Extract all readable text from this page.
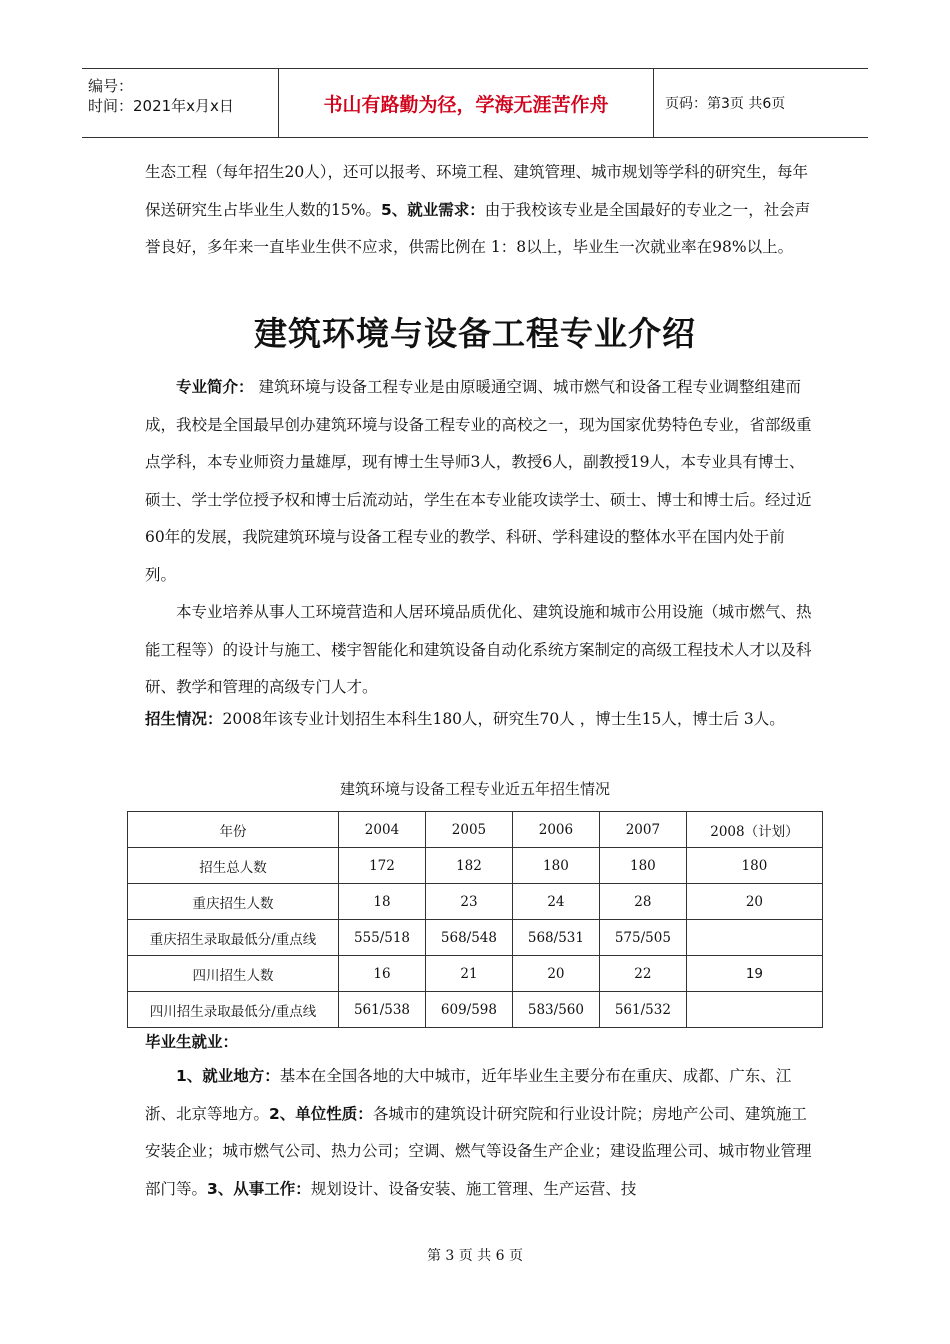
编号：
时间：2021年x月x日	书山有路勤为径，学海无涯苦作舟	页码：第3页 共6页

生态工程（每年招生20人），还可以报考、环境工程、建筑管理、城市规划等学科的研究生，每年保送研究生占毕业生人数的15%。5、就业需求：由于我校该专业是全国最好的专业之一，社会声誉良好，多年来一直毕业生供不应求，供需比例在 1：8以上，毕业生一次就业率在98%以上。

建筑环境与设备工程专业介绍

专业简介： 建筑环境与设备工程专业是由原暖通空调、城市燃气和设备工程专业调整组建而成，我校是全国最早创办建筑环境与设备工程专业的高校之一，现为国家优势特色专业，省部级重点学科，本专业师资力量雄厚，现有博士生导师3人，教授6人，副教授19人，本专业具有博士、硕士、学士学位授予权和博士后流动站，学生在本专业能攻读学士、硕士、博士和博士后。经过近60年的发展，我院建筑环境与设备工程专业的教学、科研、学科建设的整体水平在国内处于前列。

本专业培养从事人工环境营造和人居环境品质优化、建筑设施和城市公用设施（城市燃气、热能工程等）的设计与施工、楼宇智能化和建筑设备自动化系统方案制定的高级工程技术人才以及科研、教学和管理的高级专门人才。

招生情况：2008年该专业计划招生本科生180人，研究生70人 ，博士生15人，博士后 3人。

建筑环境与设备工程专业近五年招生情况
年份	2004	2005	2006	2007	2008（计划）
招生总人数	172	182	180	180	180
重庆招生人数	18	23	24	28	20
重庆招生录取最低分/重点线	555/518	568/548	568/531	575/505	
四川招生人数	16	21	20	22	19
四川招生录取最低分/重点线	561/538	609/598	583/560	561/532	

毕业生就业：

1、就业地方：基本在全国各地的大中城市，近年毕业生主要分布在重庆、成都、广东、江浙、北京等地方。2、单位性质：各城市的建筑设计研究院和行业设计院；房地产公司、建筑施工安装企业；城市燃气公司、热力公司；空调、燃气等设备生产企业；建设监理公司、城市物业管理部门等。3、从事工作：规划设计、设备安装、施工管理、生产运营、技

第 3 页 共 6 页
